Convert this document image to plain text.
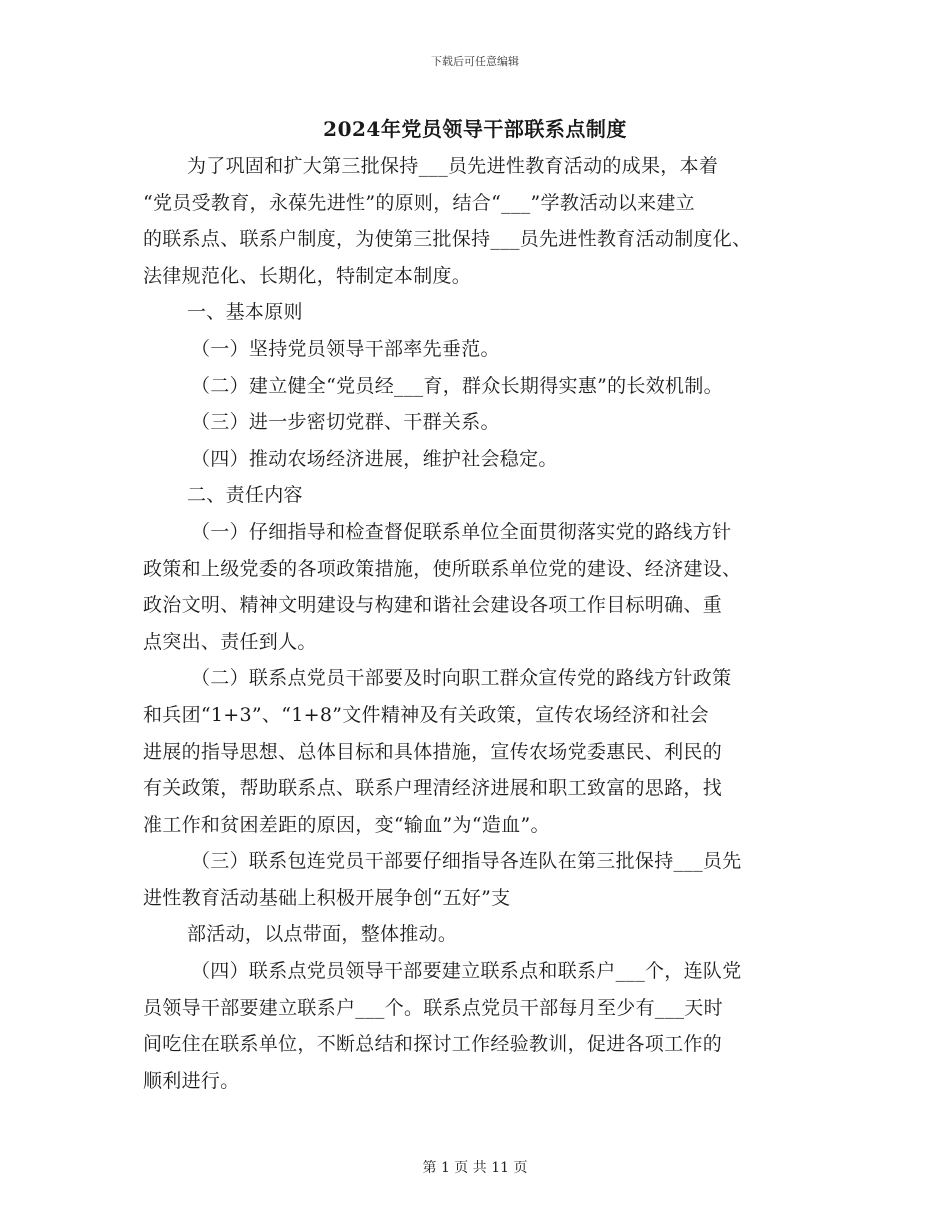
下载后可任意编辑
2024年党员领导干部联系点制度
为了巩固和扩大第三批保持___员先进性教育活动的成果，本着
“党员受教育，永葆先进性”的原则，结合“___”学教活动以来建立
的联系点、联系户制度，为使第三批保持___员先进性教育活动制度化、
法律规范化、长期化，特制定本制度。
一、基本原则
（一）坚持党员领导干部率先垂范。
（二）建立健全“党员经___育，群众长期得实惠”的长效机制。
（三）进一步密切党群、干群关系。
（四）推动农场经济进展，维护社会稳定。
二、责任内容
（一）仔细指导和检查督促联系单位全面贯彻落实党的路线方针
政策和上级党委的各项政策措施，使所联系单位党的建设、经济建设、
政治文明、精神文明建设与构建和谐社会建设各项工作目标明确、重
点突出、责任到人。
（二）联系点党员干部要及时向职工群众宣传党的路线方针政策
和兵团“1+3”、“1+8”文件精神及有关政策，宣传农场经济和社会
进展的指导思想、总体目标和具体措施，宣传农场党委惠民、利民的
有关政策，帮助联系点、联系户理清经济进展和职工致富的思路，找
准工作和贫困差距的原因，变“输血”为“造血”。
（三）联系包连党员干部要仔细指导各连队在第三批保持___员先
进性教育活动基础上积极开展争创“五好”支
部活动，以点带面，整体推动。
（四）联系点党员领导干部要建立联系点和联系户___个，连队党
员领导干部要建立联系户___个。联系点党员干部每月至少有___天时
间吃住在联系单位，不断总结和探讨工作经验教训，促进各项工作的
顺利进行。
第 1 页 共 11 页
